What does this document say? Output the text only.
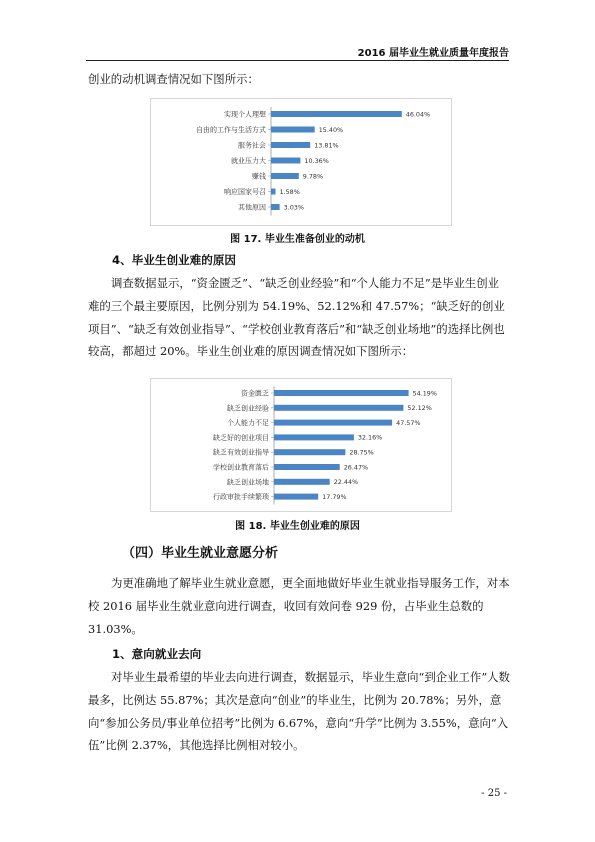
2016 届毕业生就业质量年度报告

创业的动机调查情况如下图所示：

实现个人理想	46.04%
自由的工作与生活方式	15.40%
服务社会	13.81%
就业压力大	10.36%
赚钱	9.78%
响应国家号召 1.58%
其他原因	3.03%
图 17. 毕业生准备创业的动机
4、毕业生创业难的原因

调查数据显示，“资金匮乏”、“缺乏创业经验”和“个人能力不足”是毕业生创业难的三个最主要原因，比例分别为 54.19%、52.12%和 47.57%；“缺乏好的创业项目”、“缺乏有效创业指导”、“学校创业教育落后”和“缺乏创业场地”的选择比例也较高，都超过 20%。毕业生创业难的原因调查情况如下图所示：

资金匮乏	54.19%
缺乏创业经验	52.12%
个人能力不足	47.57%
缺乏好的创业项目	32.16%
缺乏有效创业指导	28.75%
学校创业教育落后	26.47%
缺乏创业场地	22.44%
行政审批手续繁琐	17.79%
图 18. 毕业生创业难的原因
（四）毕业生就业意愿分析

为更准确地了解毕业生就业意愿，更全面地做好毕业生就业指导服务工作，对本校 2016 届毕业生就业意向进行调查，收回有效问卷 929 份，占毕业生总数的 31.03%。

1、意向就业去向

对毕业生最希望的毕业去向进行调查，数据显示，毕业生意向“到企业工作”人数最多，比例达 55.87%；其次是意向“创业”的毕业生，比例为 20.78%；另外，意向“参加公务员/事业单位招考”比例为 6.67%，意向“升学”比例为 3.55%，意向“入伍”比例 2.37%，其他选择比例相对较小。

- 25 -
